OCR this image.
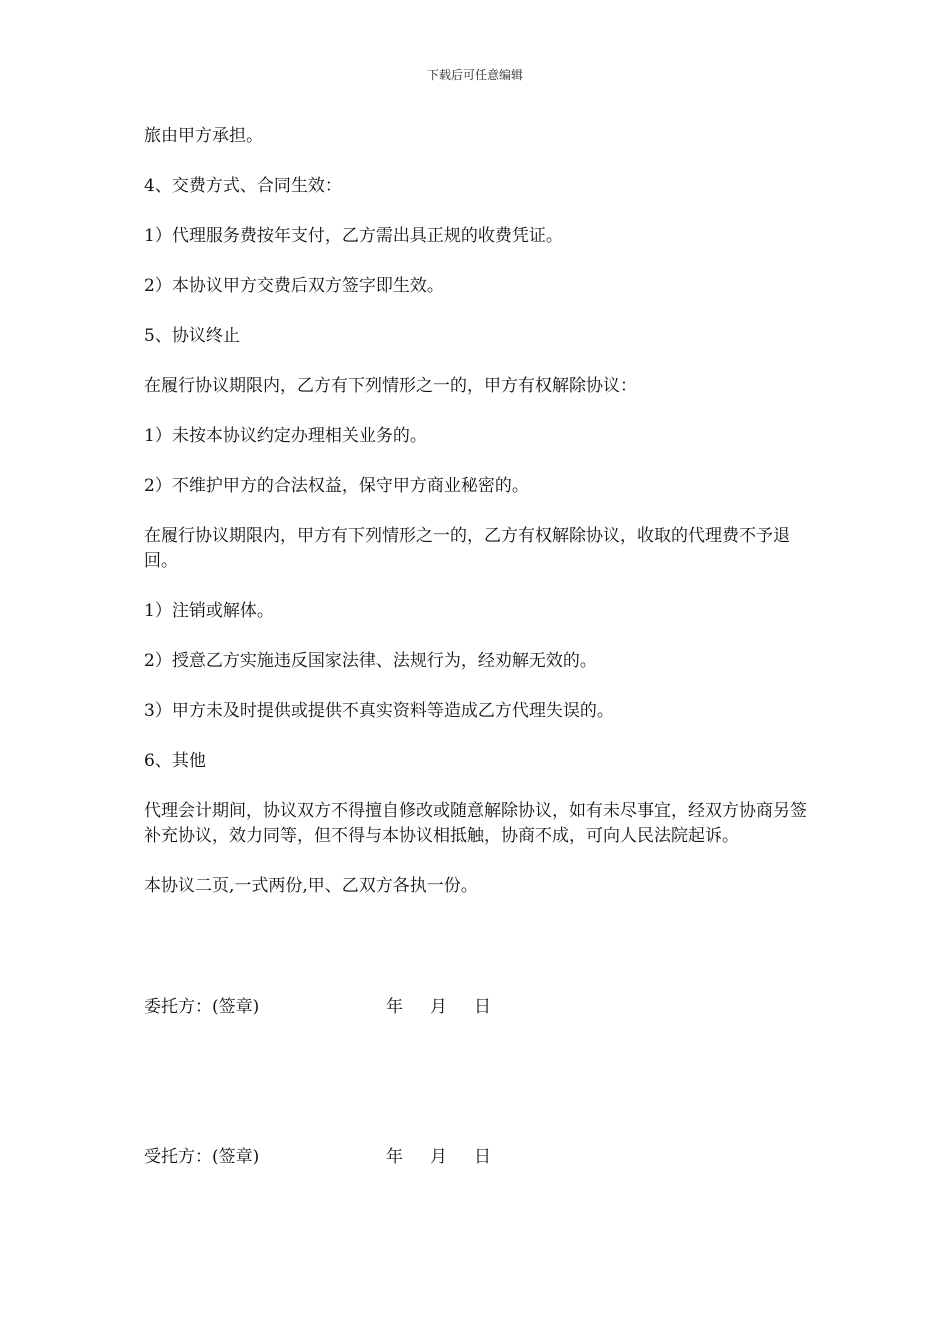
下载后可任意编辑

旅由甲方承担。

4、交费方式、合同生效：

1）代理服务费按年支付，乙方需出具正规的收费凭证。

2）本协议甲方交费后双方签字即生效。

5、协议终止

在履行协议期限内，乙方有下列情形之一的，甲方有权解除协议：

1）未按本协议约定办理相关业务的。

2）不维护甲方的合法权益，保守甲方商业秘密的。

在履行协议期限内，甲方有下列情形之一的，乙方有权解除协议，收取的代理费不予退回。

1）注销或解体。

2）授意乙方实施违反国家法律、法规行为，经劝解无效的。

3）甲方未及时提供或提供不真实资料等造成乙方代理失误的。

6、其他

代理会计期间，协议双方不得擅自修改或随意解除协议，如有未尽事宜，经双方协商另签补充协议，效力同等，但不得与本协议相抵触，协商不成，可向人民法院起诉。

本协议二页,一式两份,甲、乙双方各执一份。

委托方：(签章)	年 月 日
受托方：(签章)	年 月 日
